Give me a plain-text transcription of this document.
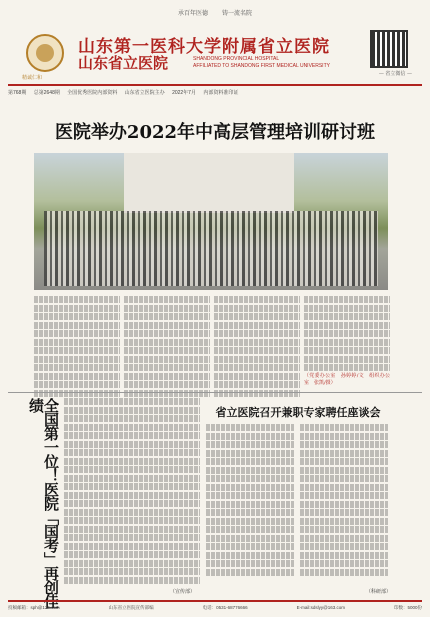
承百年医德 铸一流名院
精诚仁和
山东第一医科大学附属省立医院
山东省立医院	SHANDONG PROVINCIAL HOSPITAL
AFFILIATED TO SHANDONG FIRST MEDICAL UNIVERSITY
— 省立微信 —
第768期 总第2648期 全国优秀医院内部资料 山东省立医院主办 2022年7月 内部资料准印证
医院举办2022年中高层管理培训研讨班
（党委办公室　孙婷婷/文　组织办公室　张凯/摄）
全国第一位！医院「国考」再创佳绩
（宣传部）
省立医院召开兼职专家聘任座谈会
（科研部）
投稿邮箱：sph@126.com	山东省立医院宣传部编	电话：0531-68776666	E-mail:sdslyy@163.com	印数：5000份
